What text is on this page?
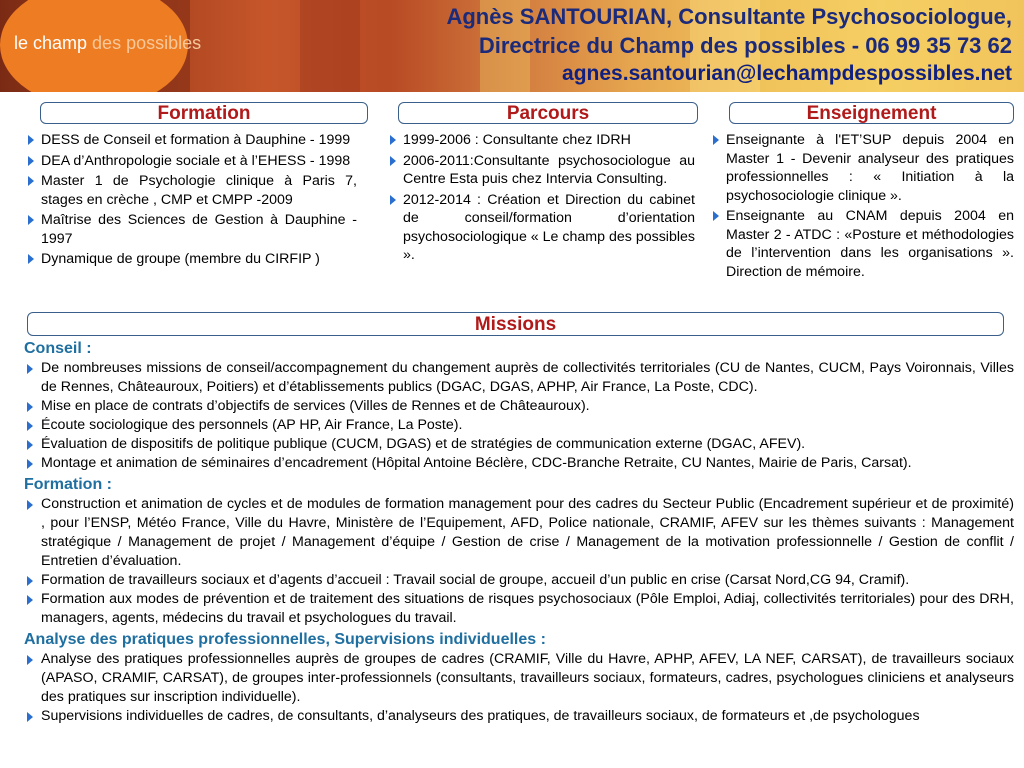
le champ des possibles
Agnès SANTOURIAN, Consultante Psychosociologue,
Directrice du Champ des possibles - 06 99 35 73 62
agnes.santourian@lechampdespossibles.net
Formation	Parcours	Enseignement
DESS de Conseil et formation à Dauphine - 1999
DEA d’Anthropologie sociale et à l’EHESS - 1998
Master 1 de Psychologie clinique à Paris 7, stages en crèche , CMP et CMPP -2009
Maîtrise des Sciences de Gestion à Dauphine - 1997
Dynamique de groupe (membre du CIRFIP )
1999-2006 : Consultante chez IDRH
2006-2011:Consultante psychosociologue au Centre Esta puis chez Intervia Consulting.
2012-2014 : Création et Direction du cabinet de conseil/formation d’orientation psychosociologique « Le champ des possibles ».
Enseignante à l'ET’SUP depuis 2004 en Master 1 - Devenir analyseur des pratiques professionnelles : « Initiation à la psychosociologie clinique ».
Enseignante au CNAM depuis 2004 en Master 2 - ATDC : «Posture et méthodologies de l’intervention dans les organisations ». Direction de mémoire.
Missions
Conseil :
De nombreuses missions de conseil/accompagnement du changement auprès de collectivités territoriales (CU de Nantes, CUCM, Pays Voironnais, Villes de Rennes, Châteauroux, Poitiers) et d’établissements publics (DGAC, DGAS, APHP, Air France, La Poste, CDC).
Mise en place de contrats d’objectifs de services (Villes de Rennes et de Châteauroux).
Écoute sociologique des personnels (AP HP, Air France, La Poste).
Évaluation de dispositifs de politique publique (CUCM, DGAS) et de stratégies de communication externe (DGAC, AFEV).
Montage et animation de séminaires d’encadrement (Hôpital Antoine Béclère, CDC-Branche Retraite, CU Nantes, Mairie de Paris, Carsat).
Formation :
Construction et animation de cycles et de modules de formation management pour des cadres du Secteur Public (Encadrement supérieur et de proximité) , pour l’ENSP, Météo France, Ville du Havre, Ministère de l’Equipement, AFD, Police nationale, CRAMIF, AFEV sur les thèmes suivants : Management stratégique / Management de projet / Management d’équipe / Gestion de crise / Management de la motivation professionnelle / Gestion de conflit / Entretien d’évaluation.
Formation de travailleurs sociaux et d’agents d’accueil : Travail social de groupe, accueil d’un public en crise (Carsat Nord,CG 94, Cramif).
Formation aux modes de prévention et de traitement des situations de risques psychosociaux (Pôle Emploi, Adiaj, collectivités territoriales) pour des DRH, managers, agents, médecins du travail et psychologues du travail.
Analyse des pratiques professionnelles, Supervisions individuelles :
Analyse des pratiques professionnelles auprès de groupes de cadres (CRAMIF, Ville du Havre, APHP, AFEV, LA NEF, CARSAT), de travailleurs sociaux (APASO, CRAMIF, CARSAT), de groupes inter-professionnels (consultants, travailleurs sociaux, formateurs, cadres, psychologues cliniciens et analyseurs des pratiques sur inscription individuelle).
Supervisions individuelles de cadres, de consultants, d’analyseurs des pratiques, de travailleurs sociaux, de formateurs et ,de psychologues
